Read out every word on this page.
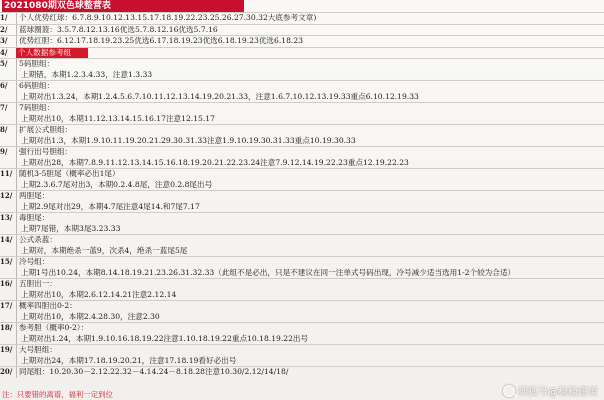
2021080期双色球整营表
1/	个人优势红球：6.7.8.9.10.12.13.15.17.18.19.22.23.25.26.27.30.32大底参考文章)
2/	蓝球圈篮：3.5.7.8.12.13.16优选5.7.8.12.16优选5.7.16
3/	优势红胆：6.12.17.18.19.23.25优选6.17.18.19.23优选6.18.19.23优选6.18.23
4/	个人数据参考组
5/	5码胆组：
上期错，本期1.2.3.4.33，注意1.3.33
6/	6码胆组：
上期对出1.3.24，本期1.2.4.5.6.7.10.11.12.13.14.19.20.21.33，注意1.6.7.10.12.13.19.33重点6.10.12.19.33
7/	7码胆组：
上期对出10，本期11.12.13.14.15.16.17注意12.15.17
8/	扩展公式胆组：
上期对出1.3，本期1.9.10.11.19.20.21.29.30.31.33注意1.9.10.19.30.31.33重点10.19.30.33
9/	强行出号胆组：
上期对出28，本期7.8.9.11.12.13.14.15.16.18.19.20.21.22.23.24注意7.9.12.14.19.22.23重点12.19.22.23
11/ 随机3-5胆尾（概率必出1尾）
上期2.3.6.7尾对出3，本期0.2.4.8尾，注意0.2.8尾出号
12/ 两胆尾：
上期2.9尾对出29，本期4.7尾注意4尾14.和7尾7.17
13/ 毒胆尾：
上期7尾错，本期3尾3.23.33
14/ 公式杀蓝：
上期对，本期绝杀一蓝9，次杀4，绝杀一蓝尾5尾
15/ 冷号组：
上期1号出10.24，本期8.14.18.19.21.23.26.31.32.33（此组不是必出，只是不建议在同一注单式号码出现，冷号减少适当选用1-2个较为合适）
16/ 五胆出一：
上期对出10，本期2.6.12.14.21注意2.12.14
17/ 概率四胆出0-2：
上期对出10，本期2.4.28.30，注意2.30
18/ 参考胆（概率0-2）：
上期对出1.24，本期1.9.10.16.18.19.22注意1.10.18.19.22重点10.18.19.22出号
19/ 大号胆组：
上期对出24，本期17.18.19.20.21，注意17.18.19看好必出号
20/ 同尾组：10.20.30－2.12.22.32－4.14.24－8.18.28注意10.30/2.12/14/18/
注：只要错的离谱，福利一定到位	搜狐号@稳稳建策
